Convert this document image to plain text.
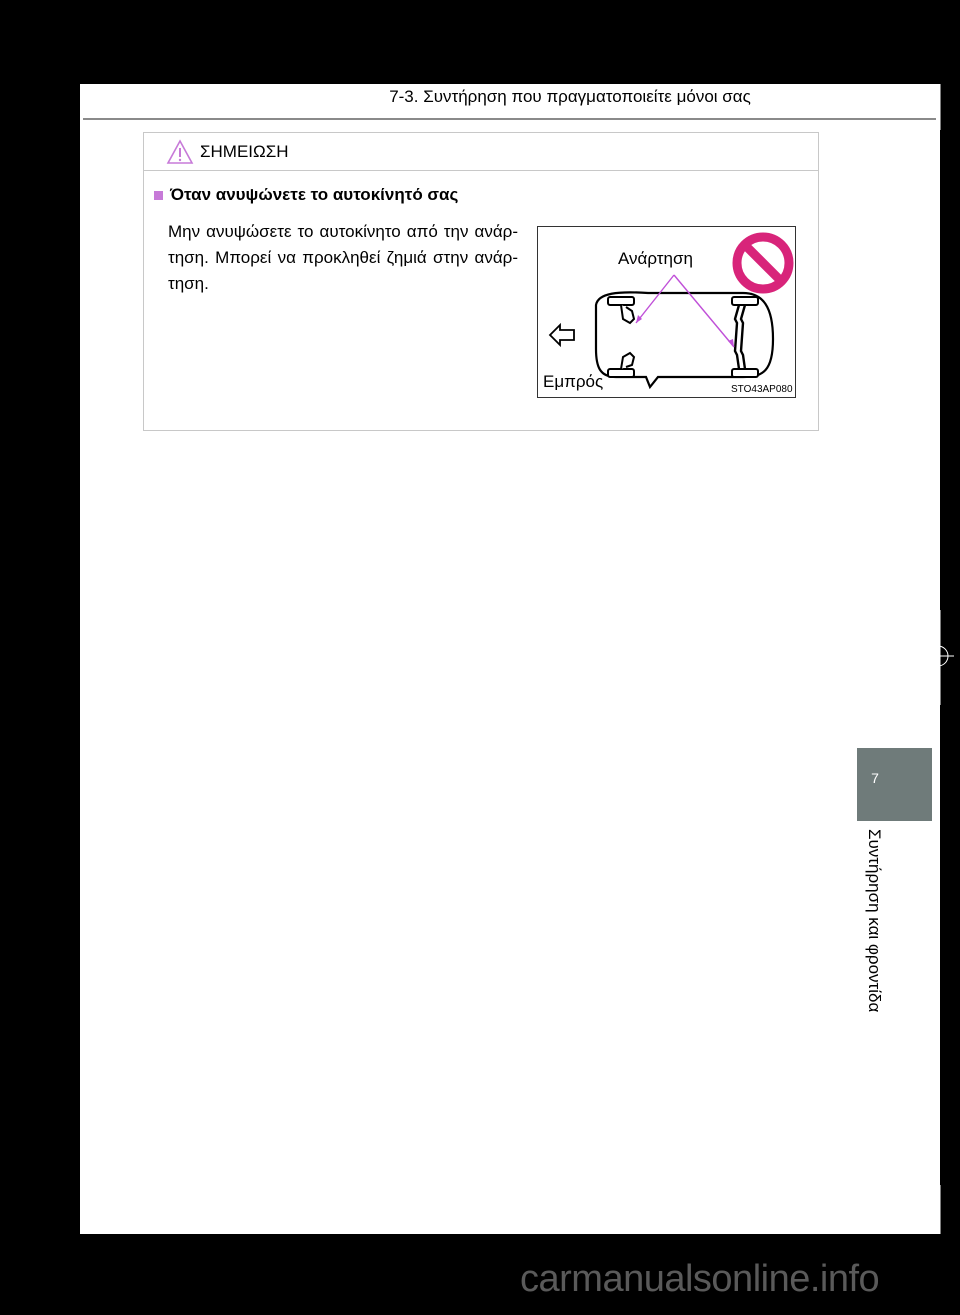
7-3. Συντήρηση που πραγματοποιείτε μόνοι σας
ΣΗΜΕΙΩΣΗ
Όταν ανυψώνετε το αυτοκίνητό σας
Μην ανυψώσετε το αυτοκίνητο από την ανάρ-τηση. Μπορεί να προκληθεί ζημιά στην ανάρ-τηση.
Ανάρτηση
Εμπρός	STO43AP080
7
Συντήρηση και φροντίδα
carmanualsonline.info
